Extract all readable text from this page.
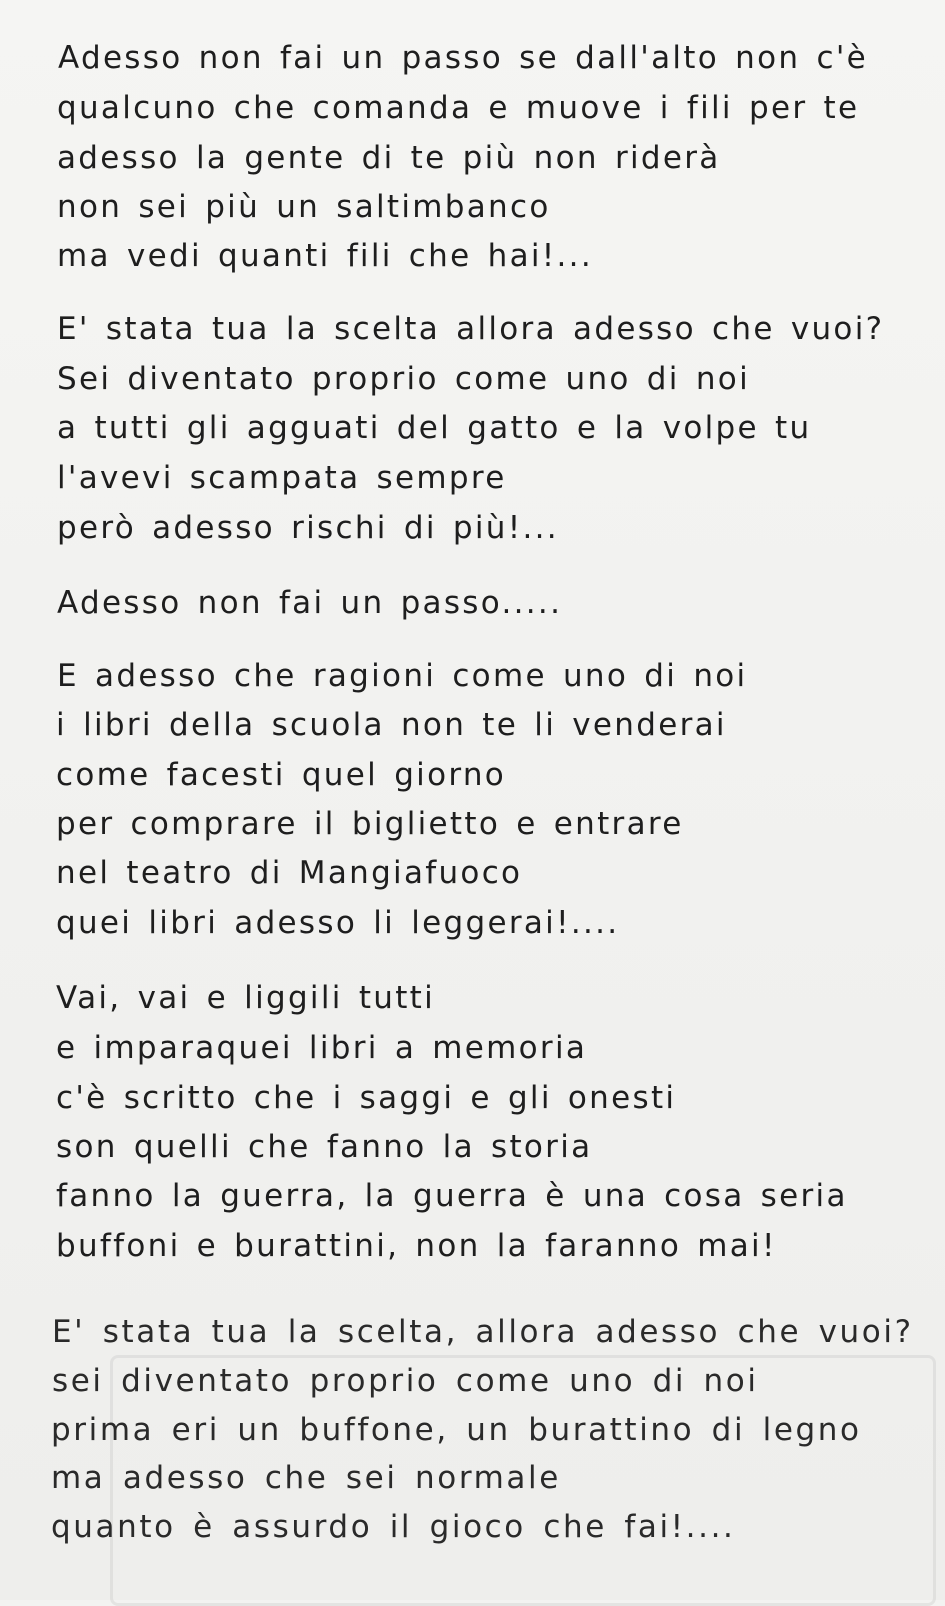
Adesso non fai un passo se dall'alto non c'è
qualcuno che comanda e muove i fili per te
adesso la gente di te più non riderà
non sei più un saltimbanco
ma vedi quanti fili che hai!...
E' stata tua la scelta allora adesso che vuoi?
Sei diventato proprio come uno di noi
a tutti gli agguati del gatto e la volpe tu
l'avevi scampata sempre
però adesso rischi di più!...
Adesso non fai un passo.....
E adesso che ragioni come uno di noi
i libri della scuola non te li venderai
come facesti quel giorno
per comprare il biglietto e entrare
nel teatro di Mangiafuoco
quei libri adesso li leggerai!....
Vai, vai e liggili tutti
e imparaquei libri a memoria
c'è scritto che i saggi e gli onesti
son quelli che fanno la storia
fanno la guerra, la guerra è una cosa seria
buffoni e burattini, non la faranno mai!
E' stata tua la scelta, allora adesso che vuoi?
sei diventato proprio come uno di noi
prima eri un buffone, un burattino di legno
ma adesso che sei normale
quanto è assurdo il gioco che fai!....
